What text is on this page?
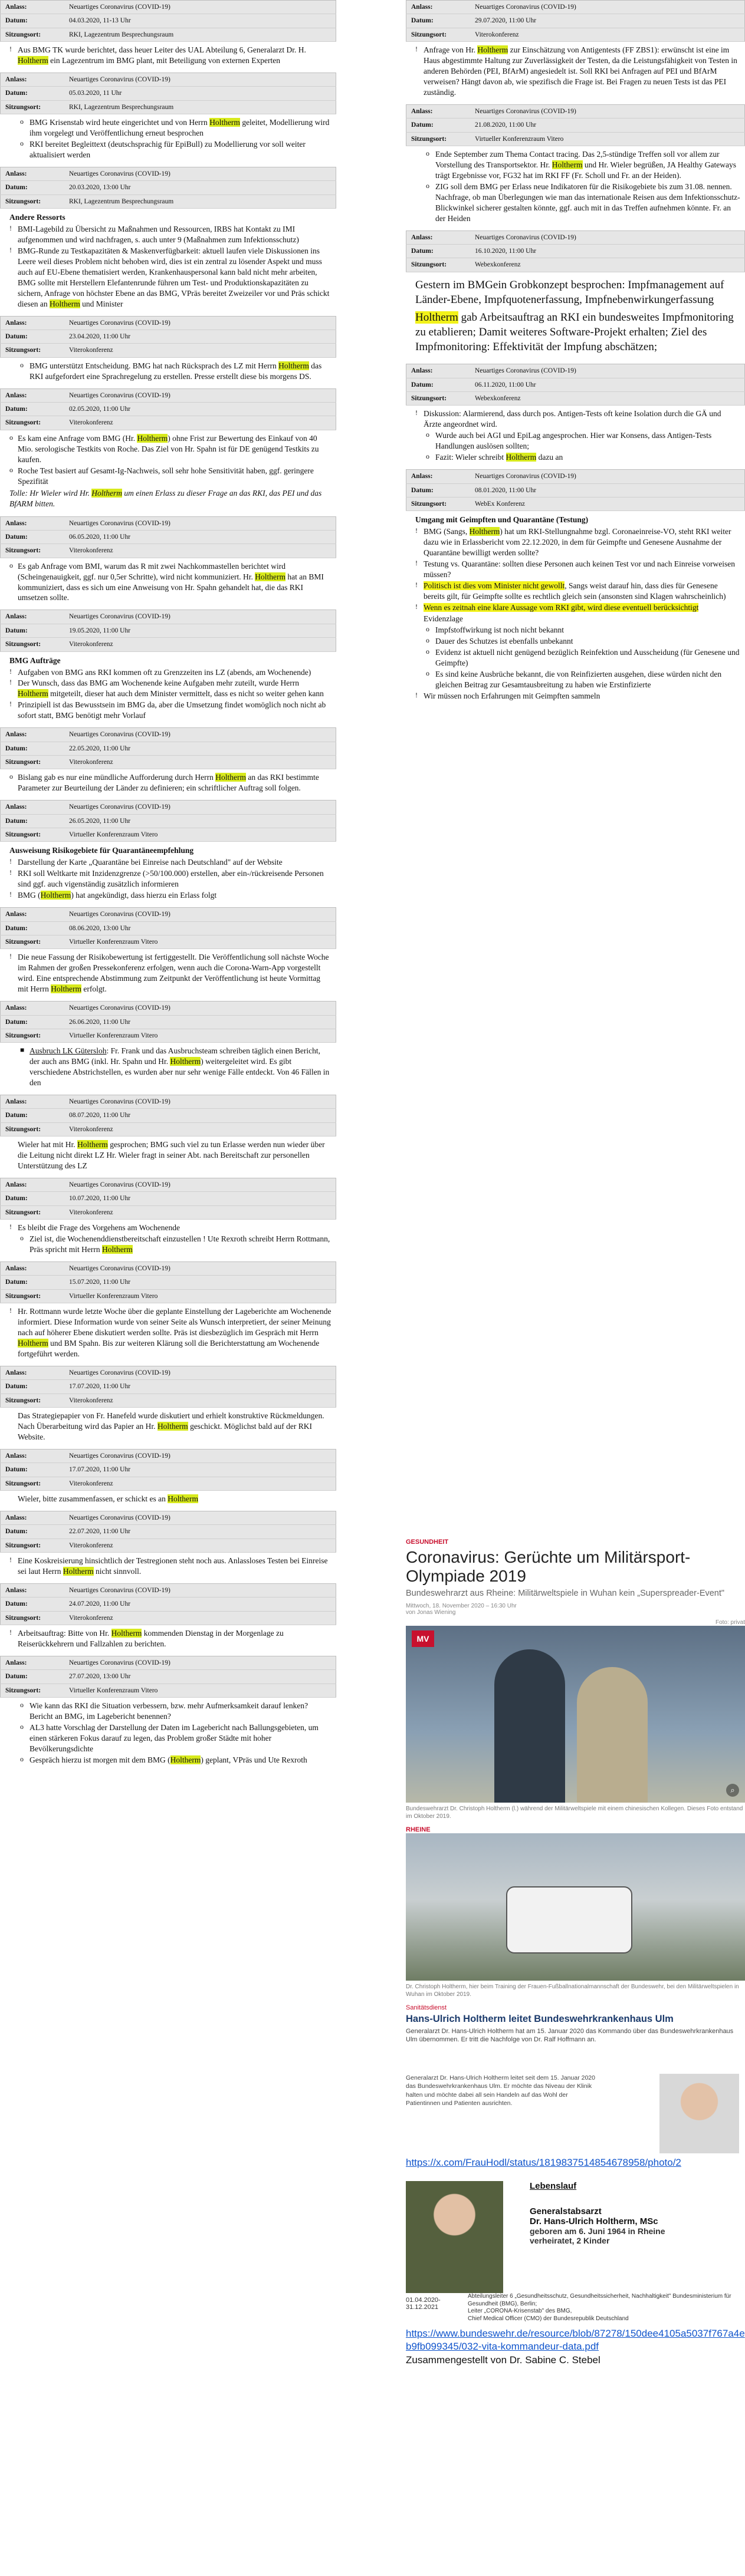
Anlass:	Neuartiges Coronavirus (COVID-19)
Datum:	04.03.2020, 11-13 Uhr
Sitzungsort:	RKI, Lagezentrum Besprechungsraum
! Aus BMG TK wurde berichtet, dass heuer Leiter des UAL Abteilung 6, Generalarzt Dr. H. Holtherm ein Lagezentrum im BMG plant, mit Beteiligung von externen Experten
Anlass:	Neuartiges Coronavirus (COVID-19)
Datum:	05.03.2020, 11 Uhr
Sitzungsort:	RKI, Lagezentrum Besprechungsraum
o BMG Krisenstab wird heute eingerichtet und von Herrn Holtherm geleitet, Modellierung wird ihm vorgelegt und Veröffentlichung erneut besprochen
o RKI bereitet Begleittext (deutschsprachig für EpiBull) zu Modellierung vor soll weiter aktualisiert werden
Anlass:	Neuartiges Coronavirus (COVID-19)
Datum:	20.03.2020, 13:00 Uhr
Sitzungsort:	RKI, Lagezentrum Besprechungsraum
Andere Ressorts
! BMI-Lagebild zu Übersicht zu Maßnahmen und Ressourcen, IRBS hat Kontakt zu IMI aufgenommen und wird nachfragen, s. auch unter 9 (Maßnahmen zum Infektionsschutz)
! BMG-Runde zu Testkapazitäten & Maskenverfügbarkeit: aktuell laufen viele Diskussionen ins Leere weil dieses Problem nicht behoben wird, dies ist ein zentral zu lösender Aspekt und muss auch auf EU-Ebene thematisiert werden, Krankenhauspersonal kann bald nicht mehr arbeiten, BMG sollte mit Herstellern Elefantenrunde führen um Test- und Produktionskapazitäten zu sichern, Anfrage von höchster Ebene an das BMG, VPräs bereitet Zweizeiler vor und Präs schickt diesen an Holtherm und Minister
Anlass:	Neuartiges Coronavirus (COVID-19)
Datum:	23.04.2020, 11:00 Uhr
Sitzungsort:	Viterokonferenz
o BMG unterstützt Entscheidung. BMG hat nach Rücksprach des LZ mit Herrn Holtherm das RKI aufgefordert eine Sprachregelung zu erstellen. Presse erstellt diese bis morgens DS.
Anlass:	Neuartiges Coronavirus (COVID-19)
Datum:	02.05.2020, 11:00 Uhr
Sitzungsort:	Viterokonferenz
o Es kam eine Anfrage vom BMG (Hr. Holtherm) ohne Frist zur Bewertung des Einkauf von 40 Mio. serologische Testkits von Roche. Das Ziel von Hr. Spahn ist für DE genügend Testkits zu kaufen.
o Roche Test basiert auf Gesamt-Ig-Nachweis, soll sehr hohe Sensitivität haben, ggf. geringere Spezifität
Tolle: Hr Wieler wird Hr. Holtherm um einen Erlass zu dieser Frage an das RKI, das PEI und das BfARM bitten.
Anlass:	Neuartiges Coronavirus (COVID-19)
Datum:	06.05.2020, 11:00 Uhr
Sitzungsort:	Viterokonferenz
o Es gab Anfrage vom BMI, warum das R mit zwei Nachkommastellen berichtet wird (Scheingenauigkeit, ggf. nur 0,5er Schritte), wird nicht kommuniziert. Hr. Holtherm hat an BMI kommuniziert, dass es sich um eine Anweisung von Hr. Spahn gehandelt hat, die das RKI umsetzen sollte.
Anlass:	Neuartiges Coronavirus (COVID-19)
Datum:	19.05.2020, 11:00 Uhr
Sitzungsort:	Viterokonferenz
BMG Aufträge
! Aufgaben von BMG ans RKI kommen oft zu Grenzzeiten ins LZ (abends, am Wochenende)
! Der Wunsch, dass das BMG am Wochenende keine Aufgaben mehr zuteilt, wurde Herrn Holtherm mitgeteilt, dieser hat auch dem Minister vermittelt, dass es nicht so weiter gehen kann
! Prinzipiell ist das Bewusstsein im BMG da, aber die Umsetzung findet womöglich noch nicht ab sofort statt, BMG benötigt mehr Vorlauf
Anlass:	Neuartiges Coronavirus (COVID-19)
Datum:	22.05.2020, 11:00 Uhr
Sitzungsort:	Viterokonferenz
o Bislang gab es nur eine mündliche Aufforderung durch Herrn Holtherm an das RKI bestimmte Parameter zur Beurteilung der Länder zu definieren; ein schriftlicher Auftrag soll folgen.
Anlass:	Neuartiges Coronavirus (COVID-19)
Datum:	26.05.2020, 11:00 Uhr
Sitzungsort:	Virtueller Konferenzraum Vitero
Ausweisung Risikogebiete für Quarantäneempfehlung
! Darstellung der Karte „Quarantäne bei Einreise nach Deutschland" auf der Website
! RKI soll Weltkarte mit Inzidenzgrenze (>50/100.000) erstellen, aber ein-/rückreisende Personen sind ggf. auch vigenständig zusätzlich informieren
! BMG (Holtherm) hat angekündigt, dass hierzu ein Erlass folgt
Anlass:	Neuartiges Coronavirus (COVID-19)
Datum:	08.06.2020, 13:00 Uhr
Sitzungsort:	Virtueller Konferenzraum Vitero
! Die neue Fassung der Risikobewertung ist fertiggestellt. Die Veröffentlichung soll nächste Woche im Rahmen der großen Pressekonferenz erfolgen, wenn auch die Corona-Warn-App vorgestellt wird. Eine entsprechende Abstimmung zum Zeitpunkt der Veröffentlichung ist heute Vormittag mit Herrn Holtherm erfolgt.
Anlass:	Neuartiges Coronavirus (COVID-19)
Datum:	26.06.2020, 11:00 Uhr
Sitzungsort:	Virtueller Konferenzraum Vitero
■ Ausbruch LK Gütersloh: Fr. Frank und das Ausbruchsteam schreiben täglich einen Bericht, der auch ans BMG (inkl. Hr. Spahn und Hr. Holtherm) weitergeleitet wird. Es gibt verschiedene Abstrichstellen, es wurden aber nur sehr wenige Fälle entdeckt. Von 46 Fällen in den
Anlass:	Neuartiges Coronavirus (COVID-19)
Datum:	08.07.2020, 11:00 Uhr
Sitzungsort:	Viterokonferenz
Wieler hat mit Hr. Holtherm gesprochen; BMG such viel zu tun Erlasse werden nun wieder über die Leitung nicht direkt LZ Hr. Wieler fragt in seiner Abt. nach Bereitschaft zur personellen Unterstützung des LZ
Anlass:	Neuartiges Coronavirus (COVID-19)
Datum:	10.07.2020, 11:00 Uhr
Sitzungsort:	Viterokonferenz
! Es bleibt die Frage des Vorgehens am Wochenende
o Ziel ist, die Wochenenddienstbereitschaft einzustellen ! Ute Rexroth schreibt Herrn Rottmann, Präs spricht mit Herrn Holtherm
Anlass:	Neuartiges Coronavirus (COVID-19)
Datum:	15.07.2020, 11:00 Uhr
Sitzungsort:	Virtueller Konferenzraum Vitero
! Hr. Rottmann wurde letzte Woche über die geplante Einstellung der Lageberichte am Wochenende informiert. Diese Information wurde von seiner Seite als Wunsch interpretiert, der seiner Meinung nach auf höherer Ebene diskutiert werden sollte. Präs ist diesbezüglich im Gespräch mit Herrn Holtherm und BM Spahn. Bis zur weiteren Klärung soll die Berichterstattung am Wochenende fortgeführt werden.
Anlass:	Neuartiges Coronavirus (COVID-19)
Datum:	17.07.2020, 11:00 Uhr
Sitzungsort:	Viterokonferenz
Das Strategiepapier von Fr. Hanefeld wurde diskutiert und erhielt konstruktive Rückmeldungen. Nach Überarbeitung wird das Papier an Hr. Holtherm geschickt. Möglichst bald auf der RKI Website.
Anlass:	Neuartiges Coronavirus (COVID-19)
Datum:	17.07.2020, 11:00 Uhr
Sitzungsort:	Viterokonferenz
Wieler, bitte zusammenfassen, er schickt es an Holtherm
Anlass:	Neuartiges Coronavirus (COVID-19)
Datum:	22.07.2020, 11:00 Uhr
Sitzungsort:	Viterokonferenz
! Eine Koskreisierung hinsichtlich der Testregionen steht noch aus. Anlassloses Testen bei Einreise sei laut Herrn Holtherm nicht sinnvoll.
Anlass:	Neuartiges Coronavirus (COVID-19)
Datum:	24.07.2020, 11:00 Uhr
Sitzungsort:	Viterokonferenz
! Arbeitsauftrag: Bitte von Hr. Holtherm kommenden Dienstag in der Morgenlage zu Reiserückkehrern und Fallzahlen zu berichten.
Anlass:	Neuartiges Coronavirus (COVID-19)
Datum:	27.07.2020, 13:00 Uhr
Sitzungsort:	Virtueller Konferenzraum Vitero
o Wie kann das RKI die Situation verbessern, bzw. mehr Aufmerksamkeit darauf lenken? Bericht an BMG, im Lagebericht benennen?
o AL3 hatte Vorschlag der Darstellung der Daten im Lagebericht nach Ballungsgebieten, um einen stärkeren Fokus darauf zu legen, das Problem großer Städte mit hoher Bevölkerungsdichte
o Gespräch hierzu ist morgen mit dem BMG (Holtherm) geplant, VPräs und Ute Rexroth
Anlass:	Neuartiges Coronavirus (COVID-19)
Datum:	29.07.2020, 11:00 Uhr
Sitzungsort:	Viterokonferenz
! Anfrage von Hr. Holtherm zur Einschätzung von Antigentests (FF ZBS1): erwünscht ist eine im Haus abgestimmte Haltung zur Zuverlässigkeit der Testen, da die Leistungsfähigkeit von Testen in anderen Behörden (PEI, BfArM) angesiedelt ist. Soll RKI bei Anfragen auf PEI und BfArM verweisen? Hängt davon ab, wie spezifisch die Frage ist. Bei Fragen zu neuen Tests ist das PEI zuständig.
Anlass:	Neuartiges Coronavirus (COVID-19)
Datum:	21.08.2020, 11:00 Uhr
Sitzungsort:	Virtueller Konferenzraum Vitero
o Ende September zum Thema Contact tracing. Das 2,5-stündige Treffen soll vor allem zur Vorstellung des Transportsektor. Hr. Holtherm und Hr. Wieler begrüßen, JA Healthy Gateways trägt Ergebnisse vor, FG32 hat im RKI FF (Fr. Scholl und Fr. an der Heiden).
o ZIG soll dem BMG per Erlass neue Indikatoren für die Risikogebiete bis zum 31.08. nennen. Nachfrage, ob man Überlegungen wie man das internationale Reisen aus dem Infektionsschutz-Blickwinkel sicherer gestalten könnte, ggf. auch mit in das Treffen aufnehmen könnte. Fr. an der Heiden
Anlass:	Neuartiges Coronavirus (COVID-19)
Datum:	16.10.2020, 11:00 Uhr
Sitzungsort:	Webexkonferenz
Gestern im BMGein Grobkonzept besprochen: Impfmanagement auf Länder-Ebene, Impfquotenerfassung, Impfnebenwirkungerfassung
Holtherm gab Arbeitsauftrag an RKI ein bundesweites Impfmonitoring zu etablieren; Damit weiteres Software-Projekt erhalten; Ziel des Impfmonitoring: Effektivität der Impfung abschätzen;
Anlass:	Neuartiges Coronavirus (COVID-19)
Datum:	06.11.2020, 11:00 Uhr
Sitzungsort:	Webexkonferenz
! Diskussion: Alarmierend, dass durch pos. Antigen-Tests oft keine Isolation durch die GÄ und Ärzte angeordnet wird.
o Wurde auch bei AGI und EpiLag angesprochen. Hier war Konsens, dass Antigen-Tests Handlungen auslösen sollten;
o Fazit: Wieler schreibt Holtherm dazu an
Anlass:	Neuartiges Coronavirus (COVID-19)
Datum:	08.01.2020, 11:00 Uhr
Sitzungsort:	WebEx Konferenz
Umgang mit Geimpften und Quarantäne (Testung)
! BMG (Sangs, Holtherm) hat um RKI-Stellungnahme bzgl. Coronaeinreise-VO, steht RKI weiter dazu wie in Erlassbericht vom 22.12.2020, in dem für Geimpfte und Genesene Ausnahme der Quarantäne bewilligt werden sollte?
! Testung vs. Quarantäne: sollten diese Personen auch keinen Test vor und nach Einreise vorweisen müssen?
! Politisch ist dies vom Minister nicht gewollt, Sangs weist darauf hin, dass dies für Genesene bereits gilt, für Geimpfte sollte es rechtlich gleich sein (ansonsten sind Klagen wahrscheinlich)
! Wenn es zeitnah eine klare Aussage vom RKI gibt, wird diese eventuell berücksichtigt
Evidenzlage
o Impfstoffwirkung ist noch nicht bekannt
o Dauer des Schutzes ist ebenfalls unbekannt
o Evidenz ist aktuell nicht genügend bezüglich Reinfektion und Ausscheidung (für Genesene und Geimpfte)
o Es sind keine Ausbrüche bekannt, die von Reinfizierten ausgehen, diese würden nicht den gleichen Beitrag zur Gesamtausbreitung zu haben wie Erstinfizierte
! Wir müssen noch Erfahrungen mit Geimpften sammeln
GESUNDHEIT
Coronavirus: Gerüchte um Militärsport-Olympiade 2019
Bundeswehrarzt aus Rheine: Militärweltspiele in Wuhan kein „Superspreader-Event"
Mittwoch, 18. November 2020 – 16:30 Uhr
von Jonas Wiening
Foto: privat
MV
⌕
Bundeswehrarzt Dr. Christoph Holtherm (l.) während der Militärweltspiele mit einem chinesischen Kollegen. Dieses Foto entstand im Oktober 2019.
RHEINE
Dr. Christoph Holtherm, hier beim Training der Frauen-Fußballnationalmannschaft der Bundeswehr, bei den Militärweltspielen in Wuhan im Oktober 2019.
Sanitätsdienst
Hans-Ulrich Holtherm leitet Bundeswehrkrankenhaus Ulm
Generalarzt Dr. Hans-Ulrich Holtherm hat am 15. Januar 2020 das Kommando über das Bundeswehrkrankenhaus Ulm übernommen. Er tritt die Nachfolge von Dr. Ralf Hoffmann an.
Generalarzt Dr. Hans-Ulrich Holtherm leitet seit dem 15. Januar 2020 das Bundeswehrkrankenhaus Ulm. Er möchte das Niveau der Klinik halten und möchte dabei all sein Handeln auf das Wohl der Patientinnen und Patienten ausrichten.
https://x.com/FrauHodl/status/1819837514854678958/photo/2
Lebenslauf
Generalstabsarzt
Dr. Hans-Ulrich Holtherm, MSc
geboren am 6. Juni 1964 in Rheine
verheiratet, 2 Kinder
01.04.2020-
31.12.2021
Abteilungsleiter 6 „Gesundheitsschutz, Gesundheitssicherheit, Nachhaltigkeit" Bundesministerium für Gesundheit (BMG), Berlin;
Leiter „CORONA-Krisenstab" des BMG,
Chief Medical Officer (CMO) der Bundesrepublik Deutschland
https://www.bundeswehr.de/resource/blob/87278/150dee4105a5037f767a4eb9fb099345/032-vita-kommandeur-data.pdf
Zusammengestellt von Dr. Sabine C. Stebel
